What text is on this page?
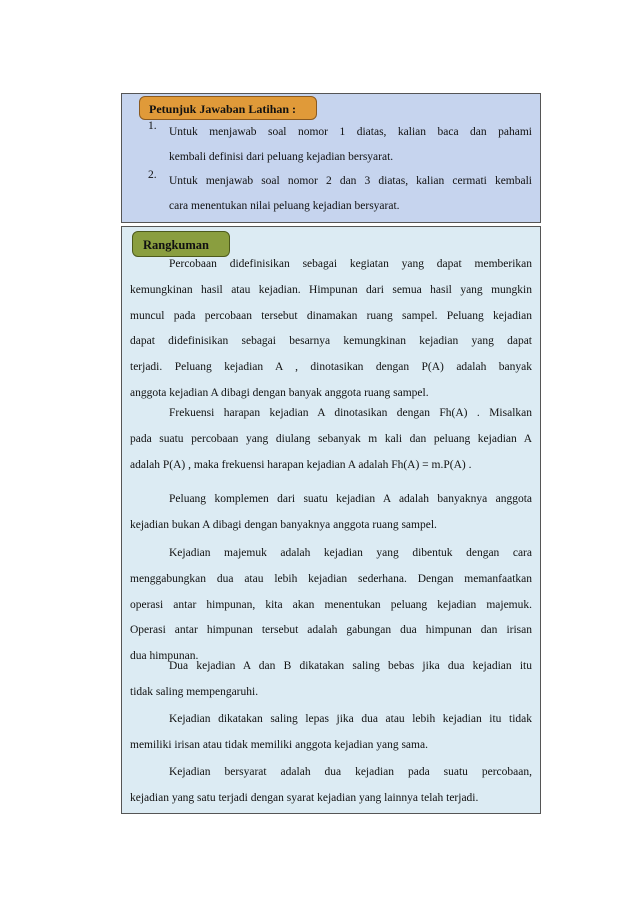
Petunjuk Jawaban Latihan :
1. Untuk menjawab soal nomor 1 diatas, kalian baca dan pahami
kembali definisi dari peluang kejadian bersyarat.
2. Untuk menjawab soal nomor 2 dan 3 diatas, kalian cermati kembali
cara menentukan nilai peluang kejadian bersyarat.
Rangkuman
Percobaan didefinisikan sebagai kegiatan yang dapat memberikan
kemungkinan hasil atau kejadian. Himpunan dari semua hasil yang mungkin
muncul pada percobaan tersebut dinamakan ruang sampel. Peluang kejadian
dapat didefinisikan sebagai besarnya kemungkinan kejadian yang dapat
terjadi. Peluang kejadian A , dinotasikan dengan P(A) adalah banyak
anggota kejadian A dibagi dengan banyak anggota ruang sampel.
Frekuensi harapan kejadian A dinotasikan dengan Fh(A) . Misalkan
pada suatu percobaan yang diulang sebanyak m kali dan peluang kejadian A
adalah P(A) , maka frekuensi harapan kejadian A adalah Fh(A) = m.P(A) .
Peluang komplemen dari suatu kejadian A adalah banyaknya anggota
kejadian bukan A dibagi dengan banyaknya anggota ruang sampel.
Kejadian majemuk adalah kejadian yang dibentuk dengan cara
menggabungkan dua atau lebih kejadian sederhana. Dengan memanfaatkan
operasi antar himpunan, kita akan menentukan peluang kejadian majemuk.
Operasi antar himpunan tersebut adalah gabungan dua himpunan dan irisan
dua himpunan.
Dua kejadian A dan B dikatakan saling bebas jika dua kejadian itu
tidak saling mempengaruhi.
Kejadian dikatakan saling lepas jika dua atau lebih kejadian itu tidak
memiliki irisan atau tidak memiliki anggota kejadian yang sama.
Kejadian bersyarat adalah dua kejadian pada suatu percobaan,
kejadian yang satu terjadi dengan syarat kejadian yang lainnya telah terjadi.
